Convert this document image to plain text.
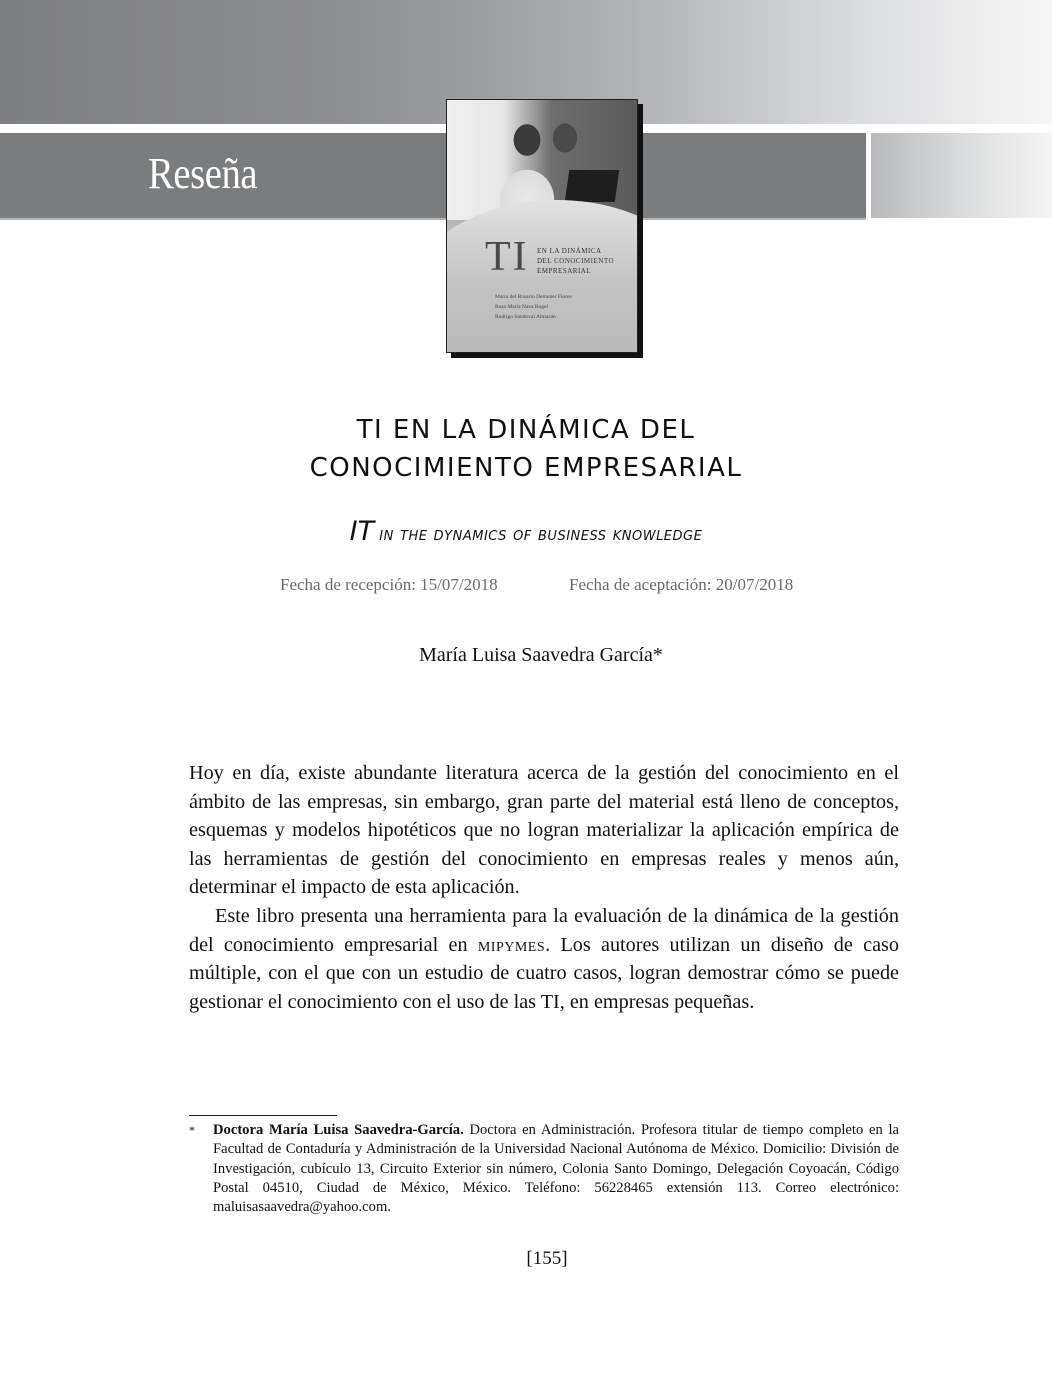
Reseña
TI EN LA DINÁMICA
DEL CONOCIMIENTO
EMPRESARIAL
María del Rosario Demuner Flores
Rosa María Nava Rogel
Rodrigo Sandoval Almazán
TI EN LA DINÁMICA DEL
CONOCIMIENTO EMPRESARIAL
IT in the dynamics of business knowledge
Fecha de recepción: 15/07/2018	Fecha de aceptación: 20/07/2018
María Luisa Saavedra García*

Hoy en día, existe abundante literatura acerca de la gestión del conocimiento en el ámbito de las empresas, sin embargo, gran parte del material está lleno de conceptos, esquemas y modelos hipotéticos que no logran materializar la aplicación empírica de las herramientas de gestión del conocimiento en empresas reales y menos aún, determinar el impacto de esta aplicación.

Este libro presenta una herramienta para la evaluación de la dinámica de la gestión del conocimiento empresarial en mipymes. Los autores utilizan un diseño de caso múltiple, con el que con un estudio de cuatro casos, logran demostrar cómo se puede gestionar el conocimiento con el uso de las TI, en empresas pequeñas.

* Doctora María Luisa Saavedra-García. Doctora en Administración. Profesora titular de tiempo completo en la Facultad de Contaduría y Administración de la Universidad Nacional Autónoma de México. Domicilio: División de Investigación, cubículo 13, Circuito Exterior sin número, Colonia Santo Domingo, Delegación Coyoacán, Código Postal 04510, Ciudad de México, México. Teléfono: 56228465 extensión 113. Correo electrónico: maluisasaavedra@yahoo.com.
[155]
